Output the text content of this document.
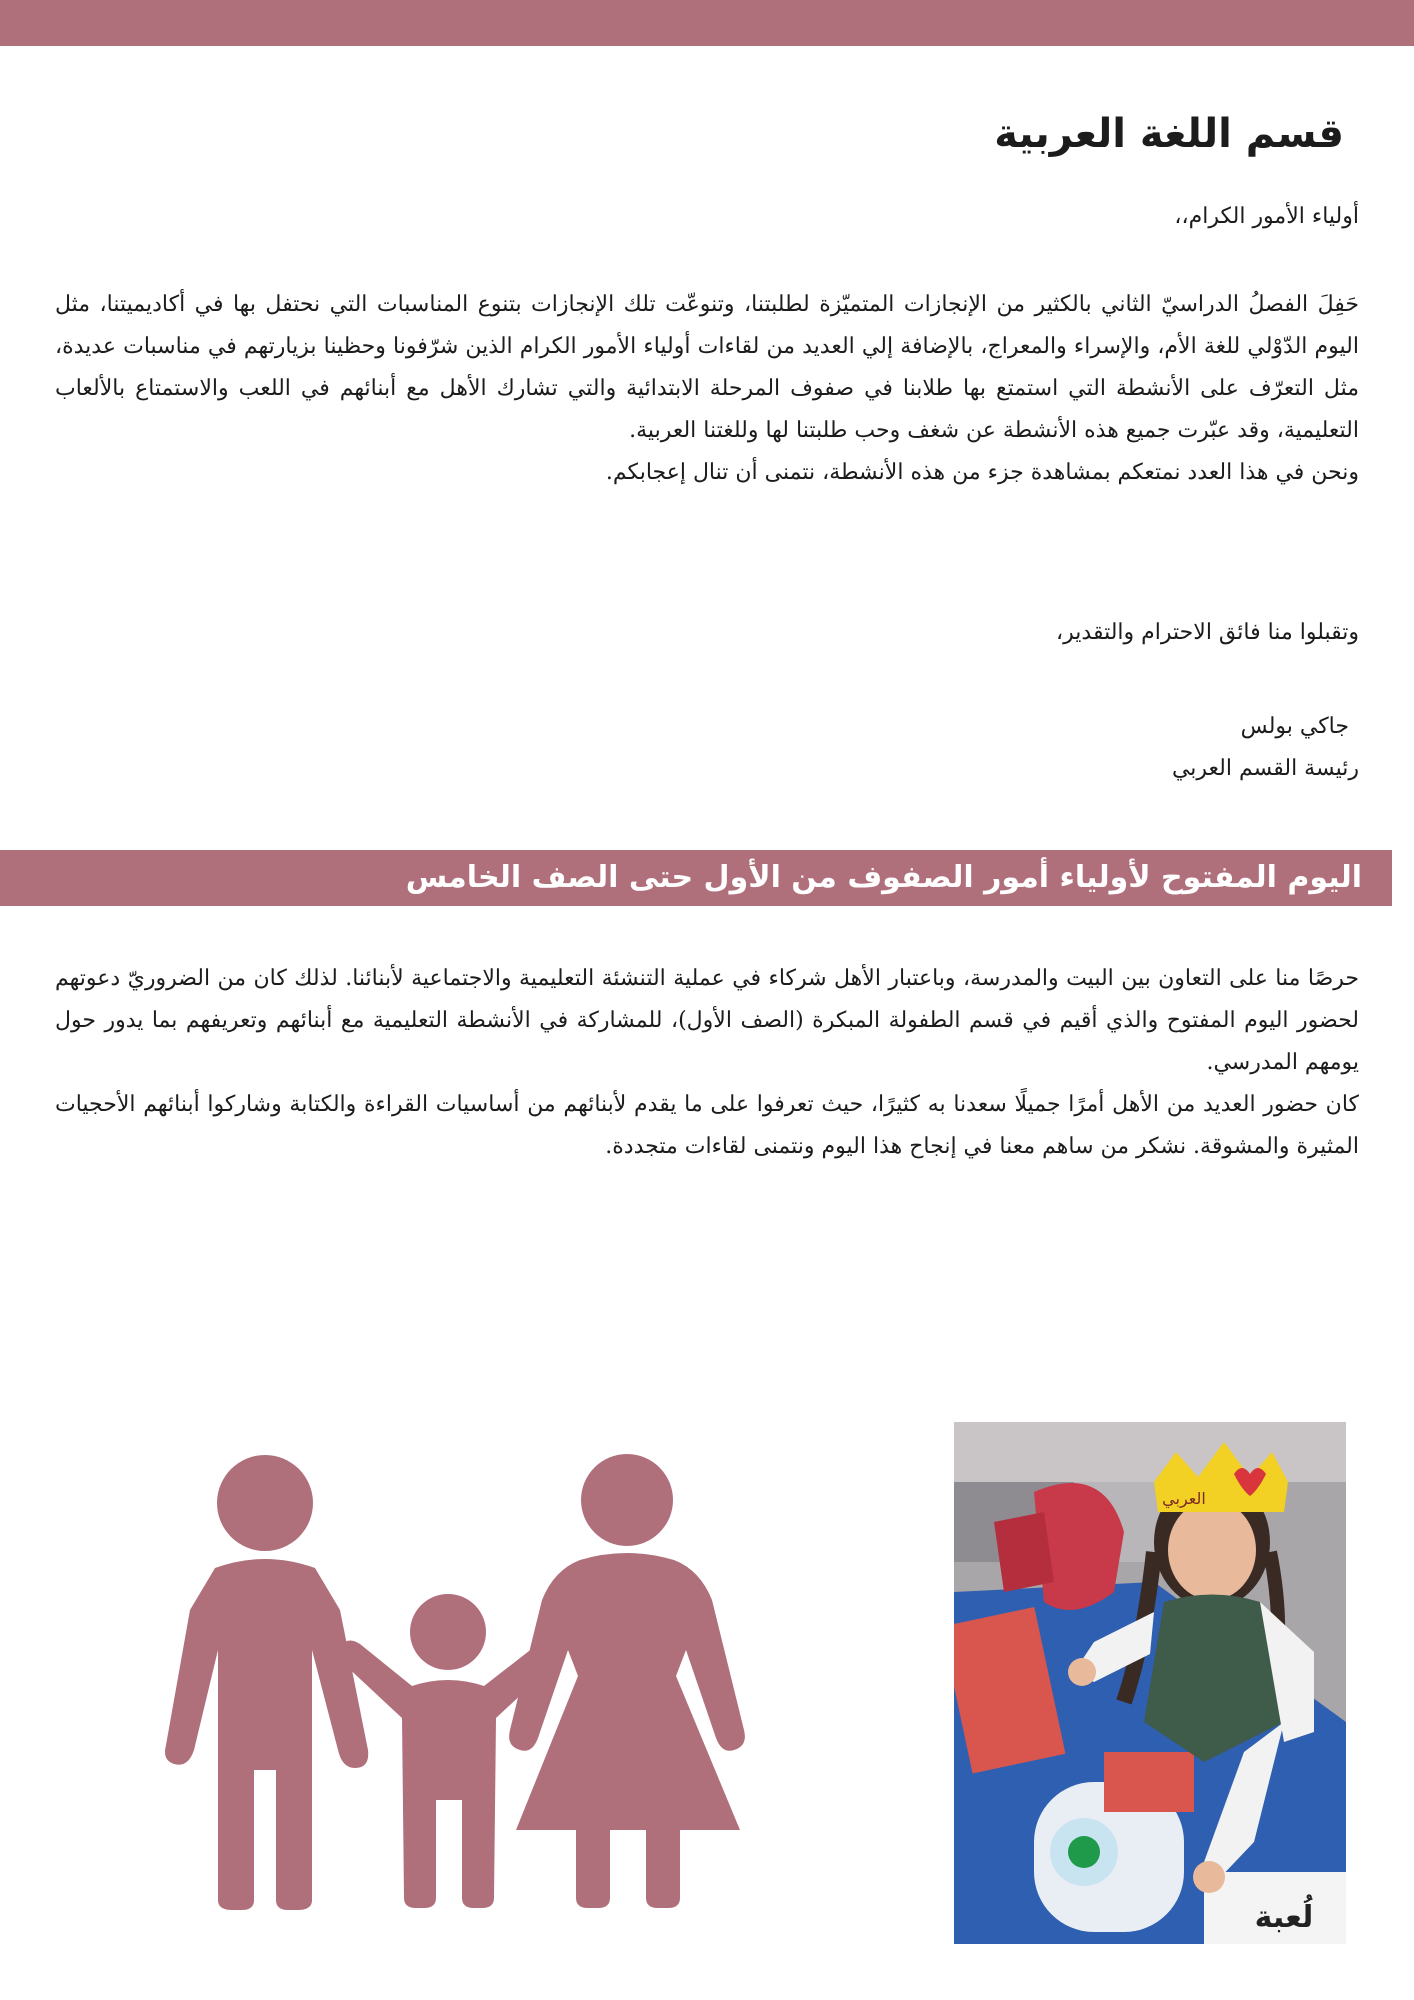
قسم اللغة العربية

أولياء الأمور الكرام،،

حَفِلَ الفصلُ الدراسيّ الثاني بالكثير من الإنجازات المتميّزة لطلبتنا، وتنوعّت تلك الإنجازات بتنوع المناسبات التي نحتفل بها في أكاديميتنا، مثل اليوم الدّوْلي للغة الأم، والإسراء والمعراج، بالإضافة إلي العديد من لقاءات أولياء الأمور الكرام الذين شرّفونا وحظينا بزيارتهم في مناسبات عديدة، مثل التعرّف على الأنشطة التي استمتع بها طلابنا في صفوف المرحلة الابتدائية والتي تشارك الأهل مع أبنائهم في اللعب والاستمتاع بالألعاب التعليمية، وقد عبّرت جميع هذه الأنشطة عن شغف وحب طلبتنا لها وللغتنا العربية.

ونحن في هذا العدد نمتعكم بمشاهدة جزء من هذه الأنشطة، نتمنى أن تنال إعجابكم.

وتقبلوا منا فائق الاحترام والتقدير،

جاكي بولس

رئيسة القسم العربي

اليوم المفتوح لأولياء أمور الصفوف من الأول حتى الصف الخامس

حرصًا منا على التعاون بين البيت والمدرسة، وباعتبار الأهل شركاء في عملية التنشئة التعليمية والاجتماعية لأبنائنا. لذلك كان من الضروريّ دعوتهم لحضور اليوم المفتوح والذي أقيم في قسم الطفولة المبكرة (الصف الأول)، للمشاركة في الأنشطة التعليمية مع أبنائهم وتعريفهم بما يدور حول يومهم المدرسي.

كان حضور العديد من الأهل أمرًا جميلًا سعدنا به كثيرًا، حيث تعرفوا على ما يقدم لأبنائهم من أساسيات القراءة والكتابة وشاركوا أبنائهم الأحجيات المثيرة والمشوقة. نشكر من ساهم معنا في إنجاح هذا اليوم ونتمنى لقاءات متجددة.

لُعبة
العربي
